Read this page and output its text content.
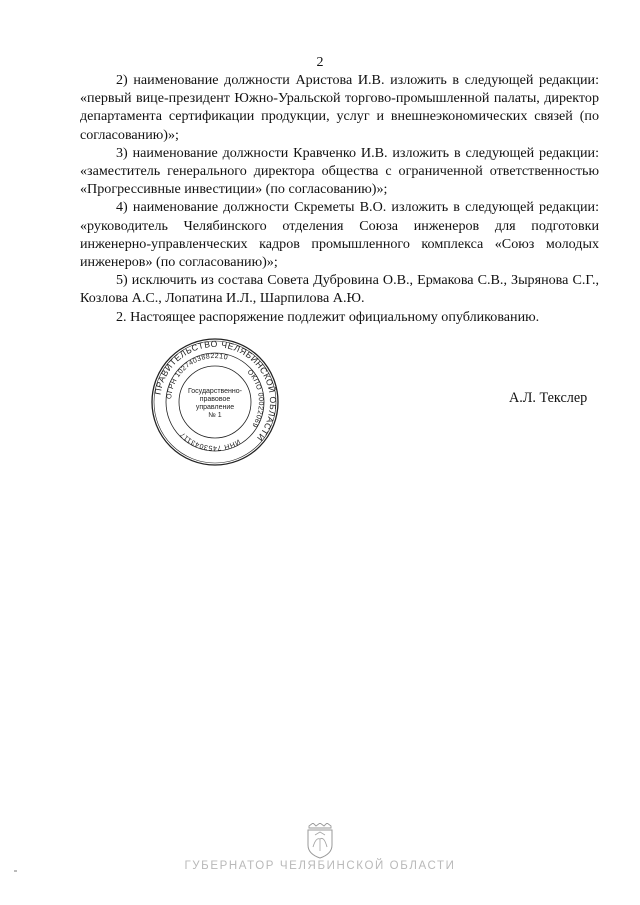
2

2) наименование должности Аристова И.В. изложить в следующей редакции: «первый вице-президент Южно-Уральской торгово-промышленной палаты, директор департамента сертификации продукции, услуг и внешнеэкономических связей (по согласованию)»;

3) наименование должности Кравченко И.В. изложить в следующей редакции: «заместитель генерального директора общества с ограниченной ответственностью «Прогрессивные инвестиции» (по согласованию)»;

4) наименование должности Скреметы В.О. изложить в следующей редакции: «руководитель Челябинского отделения Союза инженеров для подготовки инженерно-управленческих кадров промышленного комплекса «Союз молодых инженеров» (по согласованию)»;

5) исключить из состава Совета Дубровина О.В., Ермакова С.В., Зырянова С.Г., Козлова А.С., Лопатина И.Л., Шарпилова А.Ю.

2. Настоящее распоряжение подлежит официальному опубликованию.

ПРАВИТЕЛЬСТВО ЧЕЛЯБИНСКОЙ ОБЛАСТИ
ОГРН 1027403882210
ОКПО 00022069
ИНН 7453043117
Государственно-
правовое
управление
№ 1
А.Л. Текслер
ГУБЕРНАТОР ЧЕЛЯБИНСКОЙ ОБЛАСТИ
